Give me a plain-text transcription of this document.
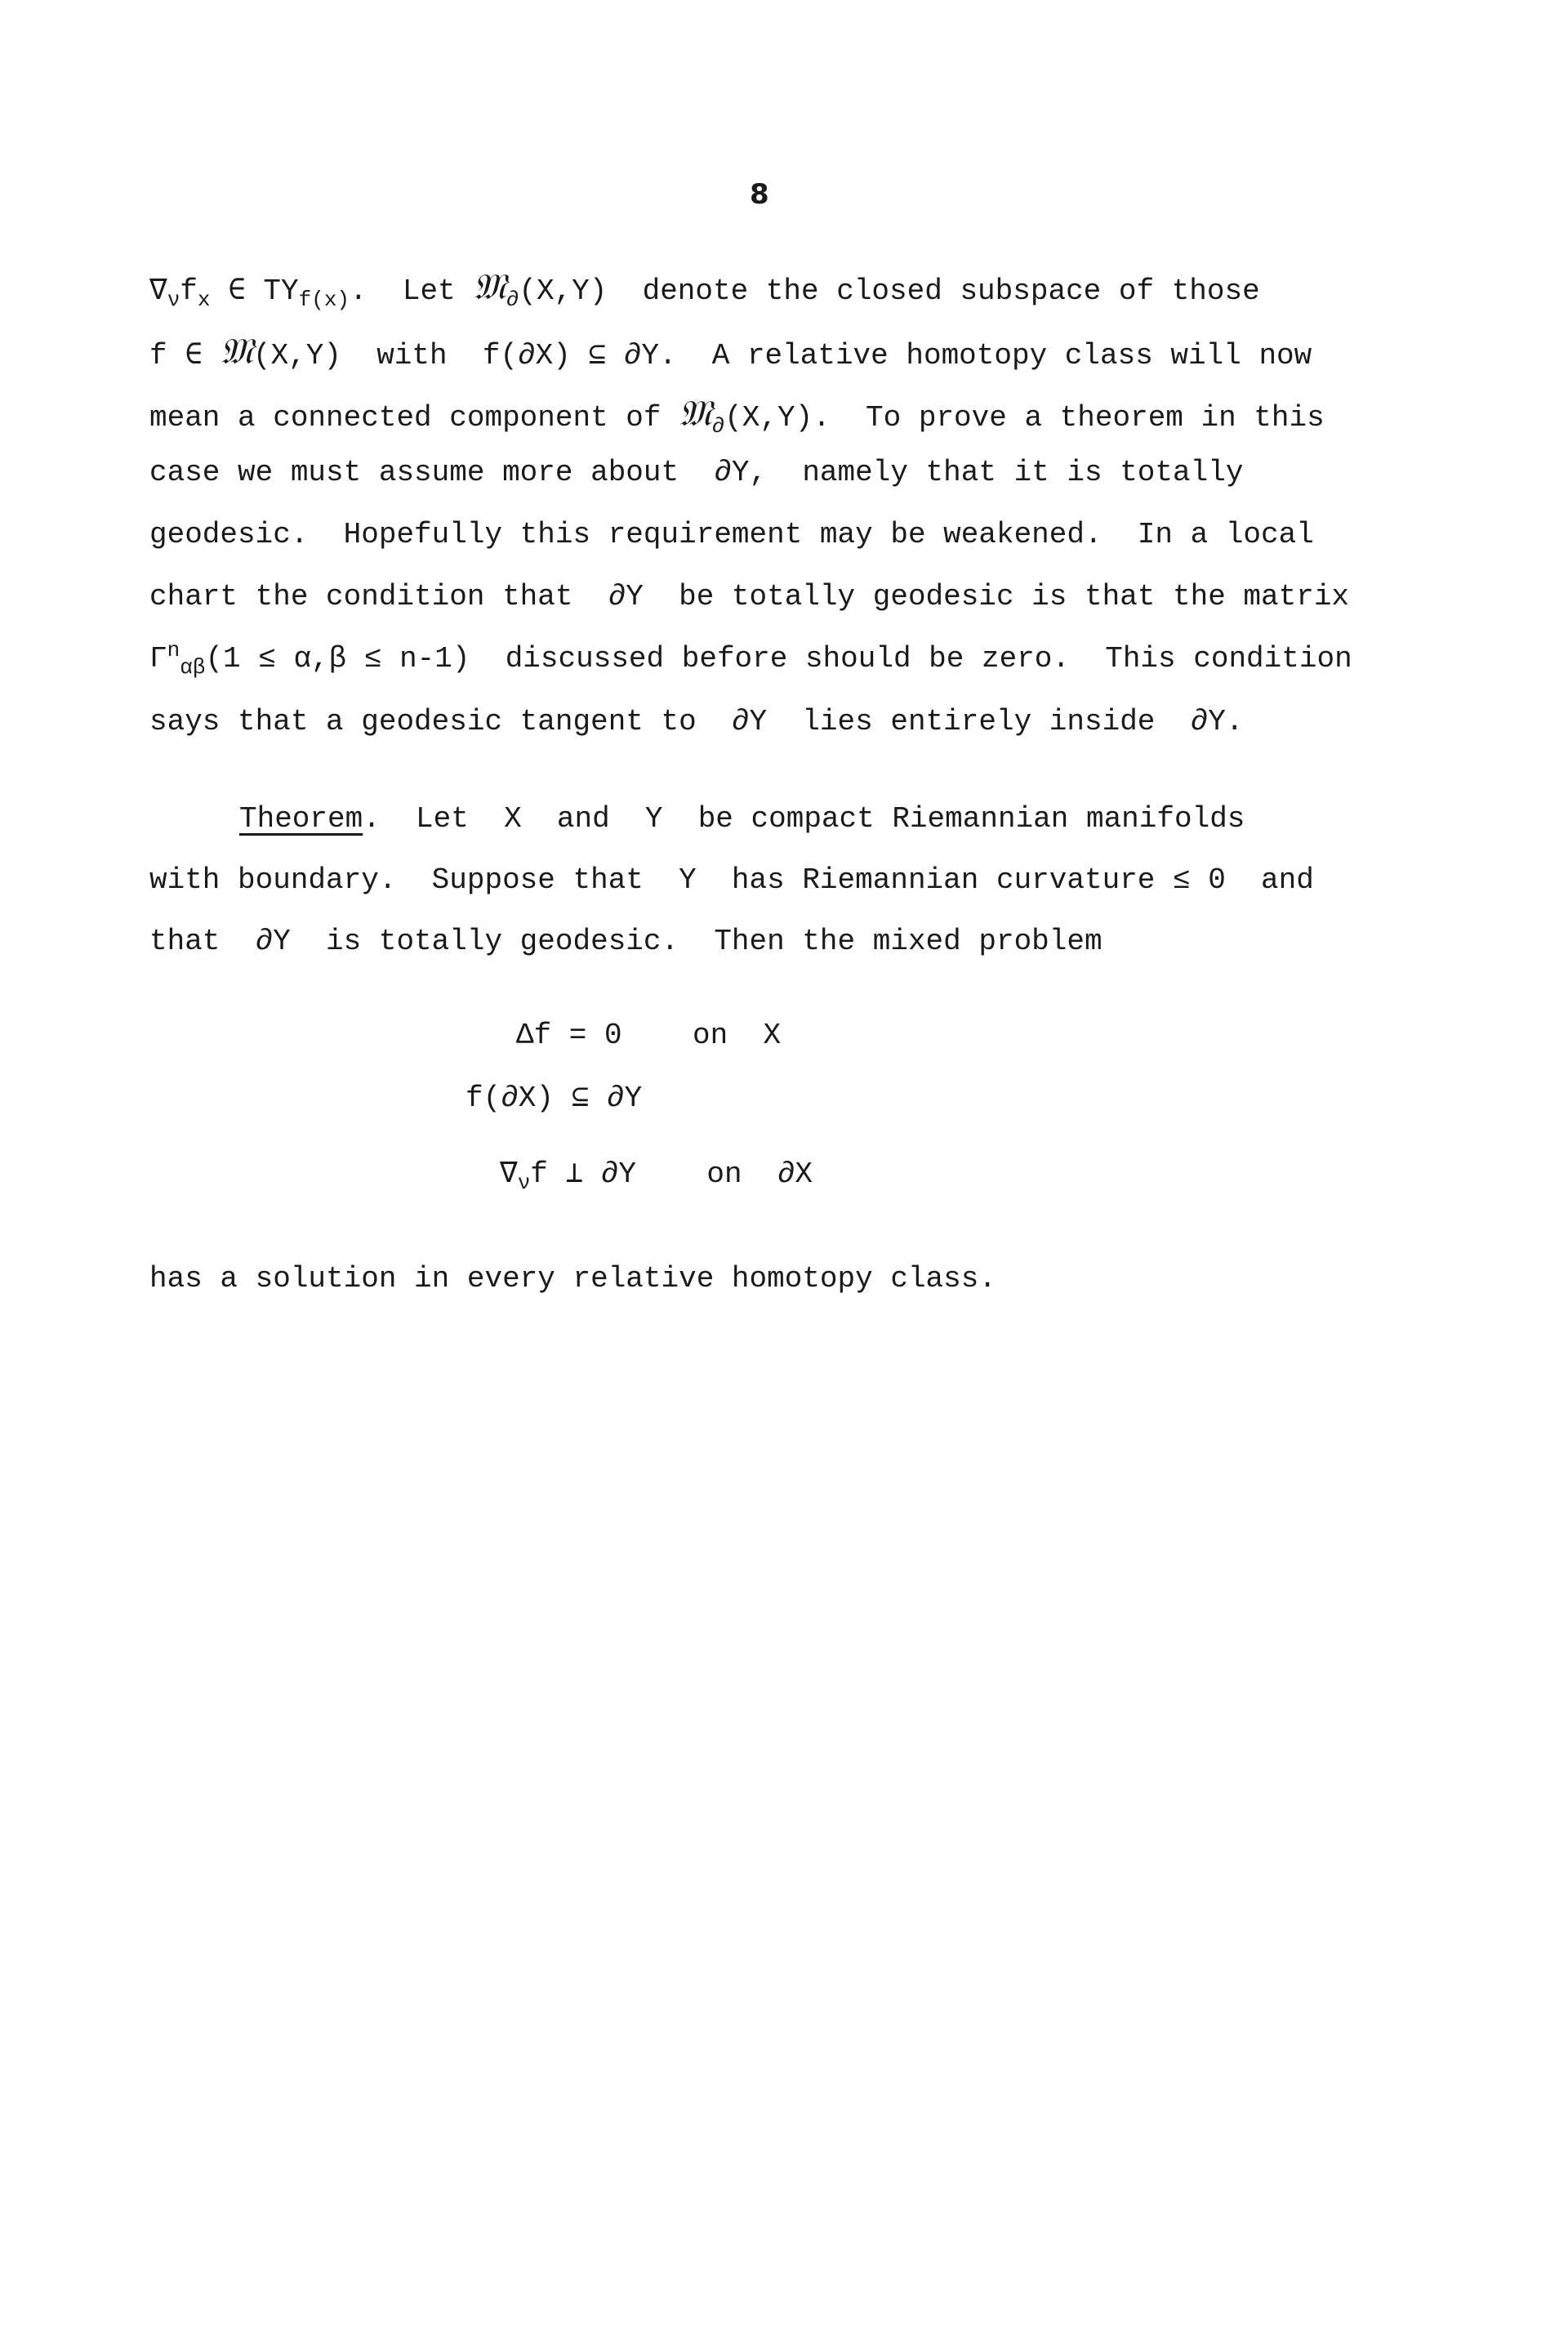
8
$\nabla_\nu f_x$ ∈ $TY_{f(x)}$.  Let 𝔐$_\partial$(X,Y)  denote the closed subspace of those
f ∈ 𝔐(X,Y)  with  f(∂X) ⊆ ∂Y.  A relative homotopy class will now
mean a connected component of 𝔐$_\partial$(X,Y).  To prove a theorem in this
case we must assume more about  ∂Y,  namely that it is totally
geodesic.  Hopefully this requirement may be weakened.  In a local
chart the condition that  ∂Y  be totally geodesic is that the matrix
$\Gamma^n_{\alpha\beta}(1 \le \alpha,\beta \le n-1)$  discussed before should be zero.  This condition
says that a geodesic tangent to  ∂Y  lies entirely inside  ∂Y.
Theorem.  Let  X  and  Y  be compact Riemannian manifolds
with boundary.  Suppose that  Y  has Riemannian curvature ≤ 0  and
that  ∂Y  is totally geodesic.  Then the mixed problem
Δf = 0    on  X
f(∂X) ⊆ ∂Y
$\nabla_\nu f$ ⊥ ∂Y    on  ∂X
has a solution in every relative homotopy class.
